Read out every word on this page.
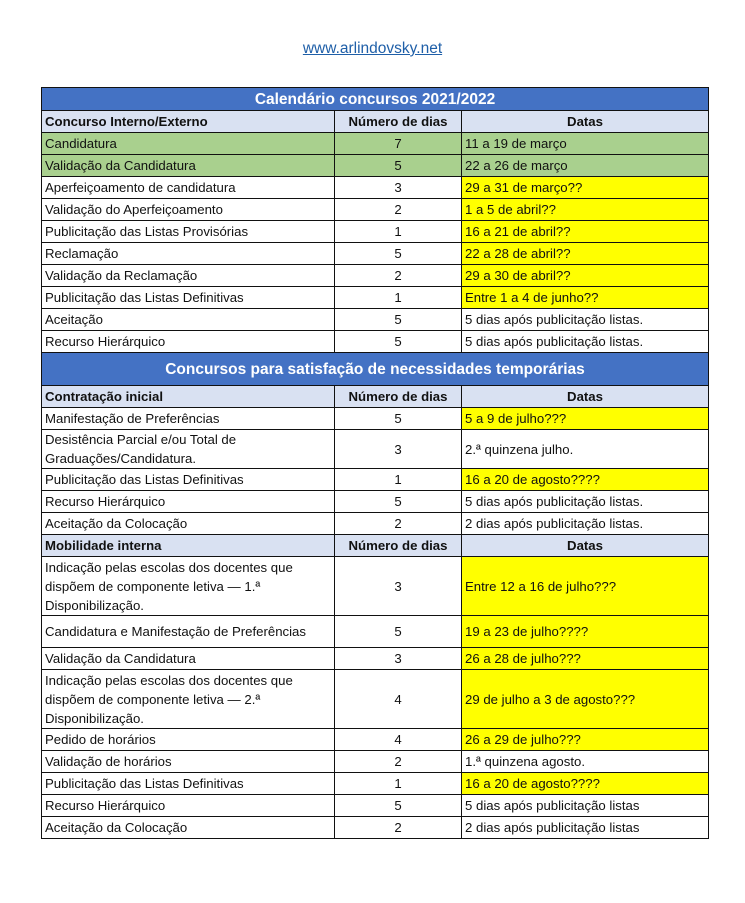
www.arlindovsky.net
Calendário concursos 2021/2022		
Concurso Interno/Externo	Número de dias	Datas
Candidatura	7	11 a 19 de março
Validação da Candidatura	5	22 a 26 de março
Aperfeiçoamento de candidatura	3	29 a 31 de março??
Validação do Aperfeiçoamento	2	1 a 5 de abril??
Publicitação das Listas Provisórias	1	16 a 21 de abril??
Reclamação	5	22 a 28 de abril??
Validação da Reclamação	2	29 a 30 de abril??
Publicitação das Listas Definitivas	1	Entre 1 a 4 de junho??
Aceitação	5	5 dias após publicitação listas.
Recurso Hierárquico	5	5 dias após publicitação listas.
Concursos para satisfação de necessidades temporárias		
Contratação inicial	Número de dias	Datas
Manifestação de Preferências	5	5 a 9 de julho???
Desistência Parcial e/ou Total de Graduações/Candidatura.	3	2.ª quinzena julho.
Publicitação das Listas Definitivas	1	16 a 20 de agosto????
Recurso Hierárquico	5	5 dias após publicitação listas.
Aceitação da Colocação	2	2 dias após publicitação listas.
Mobilidade interna	Número de dias	Datas
Indicação pelas escolas dos docentes que dispõem de componente letiva — 1.ª Disponibilização.	3	Entre 12 a 16 de julho???
Candidatura e Manifestação de Preferências	5	19 a 23 de julho????
Validação da Candidatura	3	26 a 28 de julho???
Indicação pelas escolas dos docentes que dispõem de componente letiva — 2.ª Disponibilização.	4	29 de julho a 3 de agosto???
Pedido de horários	4	26 a 29 de julho???
Validação de horários	2	1.ª quinzena agosto.
Publicitação das Listas Definitivas	1	16 a 20 de agosto????
Recurso Hierárquico	5	5 dias após publicitação listas
Aceitação da Colocação	2	2 dias após publicitação listas
